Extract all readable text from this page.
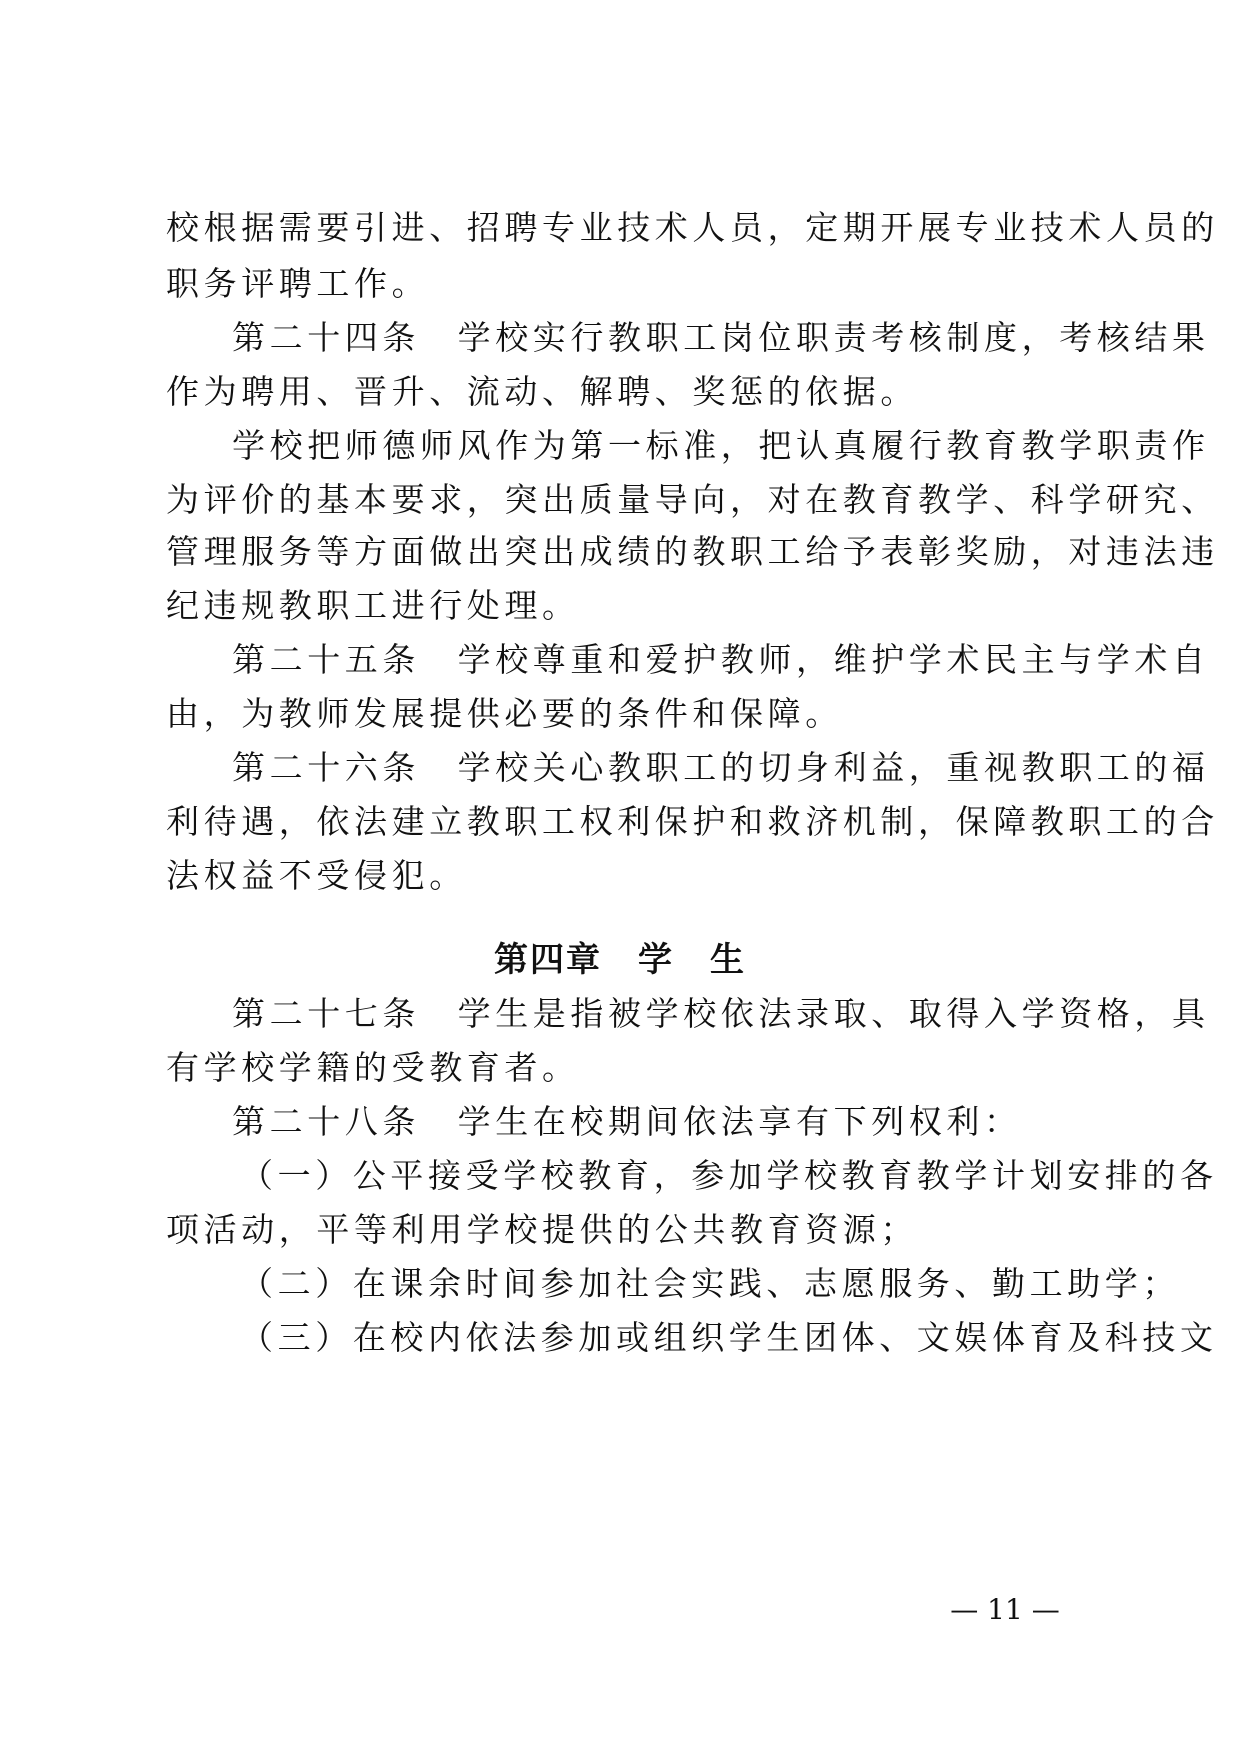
校根据需要引进、招聘专业技术人员，定期开展专业技术人员的
职务评聘工作。
第二十四条　学校实行教职工岗位职责考核制度，考核结果
作为聘用、晋升、流动、解聘、奖惩的依据。
学校把师德师风作为第一标准，把认真履行教育教学职责作
为评价的基本要求，突出质量导向，对在教育教学、科学研究、
管理服务等方面做出突出成绩的教职工给予表彰奖励，对违法违
纪违规教职工进行处理。
第二十五条　学校尊重和爱护教师，维护学术民主与学术自
由，为教师发展提供必要的条件和保障。
第二十六条　学校关心教职工的切身利益，重视教职工的福
利待遇，依法建立教职工权利保护和救济机制，保障教职工的合
法权益不受侵犯。
第四章　学　生
第二十七条　学生是指被学校依法录取、取得入学资格，具
有学校学籍的受教育者。
第二十八条　学生在校期间依法享有下列权利：
（一）公平接受学校教育，参加学校教育教学计划安排的各
项活动，平等利用学校提供的公共教育资源；
（二）在课余时间参加社会实践、志愿服务、勤工助学；
（三）在校内依法参加或组织学生团体、文娱体育及科技文
— 11 —
